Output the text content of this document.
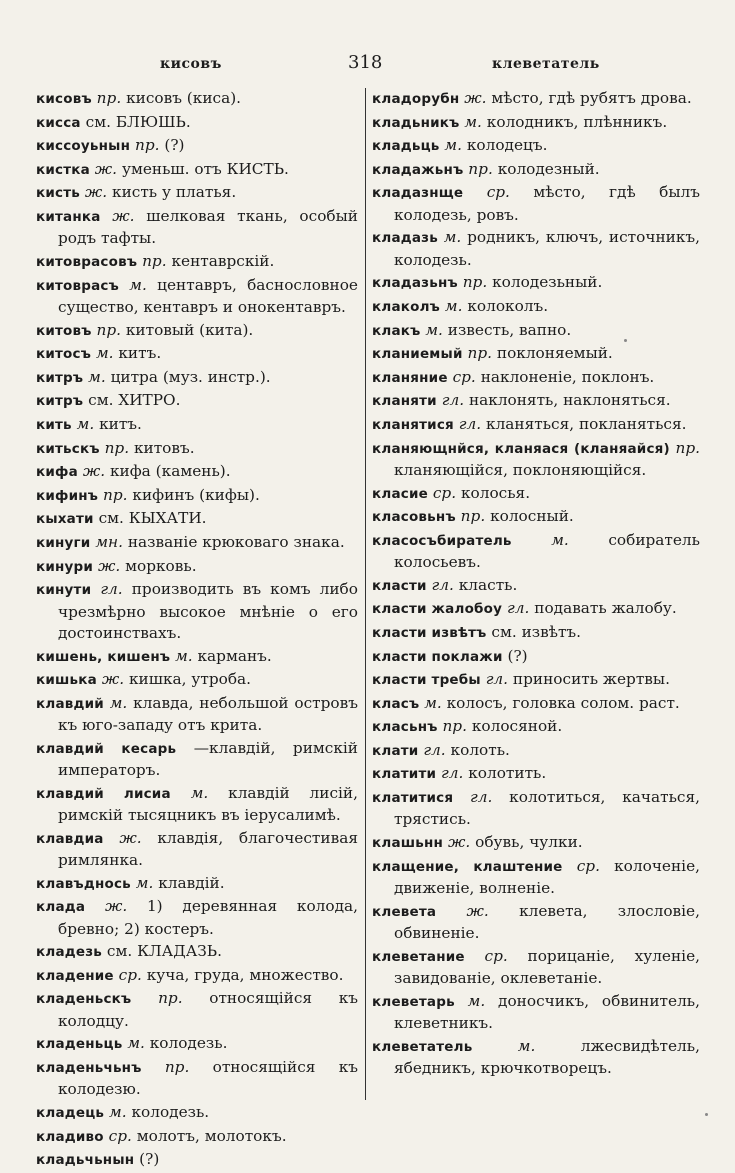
кисовъ	318	клеветатель
кисовъ пр. кисовъ (киса).
кисса см. БЛЮШЬ.
киссоуьнын пр. (?)
кистка ж. уменьш. отъ КИСТЬ.
кисть ж. кисть у платья.
китанка ж. шелковая ткань, особый родъ тафты.
китоврасовъ пр. кентаврскій.
китоврасъ м. центавръ, баснословное существо, кентавръ и онокентавръ.
китовъ пр. китовый (кита).
китосъ м. китъ.
китръ м. цитра (муз. инстр.).
китръ см. ХИТРО.
кить м. китъ.
китьскъ пр. китовъ.
кифа ж. кифа (камень).
кифинъ пр. кифинъ (кифы).
кыхати см. КЫХАТИ.
кинуги мн. названіе крюковаго знака.
кинури ж. морковь.
кинути гл. производить въ комъ либо чрезмѣрно высокое мнѣніе о его достоинствахъ.
кишень, кишенъ м. карманъ.
кишька ж. кишка, утроба.
клавдий м. клавда, небольшой островъ къ юго-западу отъ крита.
клавдий кесарь —клавдій, римскій императоръ.
клавдий лисиа м. клавдій лисій, римскій тысяцникъ въ іерусалимѣ.
клавдиа ж. клавдія, благочестивая римлянка.
клавъднось м. клавдій.
клада ж. 1) деревянная колода, бревно; 2) костеръ.
кладезь см. КЛАДАЗЬ.
кладение ср. куча, груда, множество.
кладеньскъ пр. относящійся къ колодцу.
кладеньць м. колодезь.
кладеньчьнъ пр. относящійся къ колодезю.
кладець м. колодезь.
кладиво ср. молотъ, молотокъ.
кладьчьнын (?)
кладорубн ж. мѣсто, гдѣ рубятъ дрова.
кладьникъ м. колодникъ, плѣнникъ.
кладьць м. колодецъ.
кладажьнъ пр. колодезный.
кладазнще ср. мѣсто, гдѣ былъ колодезь, ровъ.
кладазь м. родникъ, ключъ, источникъ, колодезь.
кладазьнъ пр. колодезьный.
клаколъ м. колоколъ.
клакъ м. известь, вапно.
кланиемый пр. поклоняемый.
кланяние ср. наклоненіе, поклонъ.
кланяти гл. наклонять, наклоняться.
кланятися гл. кланяться, покланяться.
кланяющнйся, кланяася (кланяайся) пр. кланяющійся, поклоняющійся.
класие ср. колосья.
класовьнъ пр. колосный.
класосъбиратель	м.	собиратель колосьевъ.
класти гл. класть.
класти жалобоу гл. подавать жалобу.
класти извѣтъ см. извѣтъ.
класти поклажи (?)
класти требы гл. приносить жертвы.
класъ м. колосъ, головка солом. раст.
класьнъ пр. колосяной.
клати гл. колоть.
клатити гл. колотить.
клатитися гл. колотиться, качаться, трястись.
клашьнн ж. обувь, чулки.
клащение, клаштение ср. колоченіе, движеніе, волненіе.
клевета ж. клевета, злословіе, обвиненіе.
клеветание ср. порицаніе, хуленіе, завидованіе, оклеветаніе.
клеветарь м. доносчикъ, обвинитель, клеветникъ.
клеветатель	м.	лжесвидѣтель, ябедникъ, крючкотворецъ.
